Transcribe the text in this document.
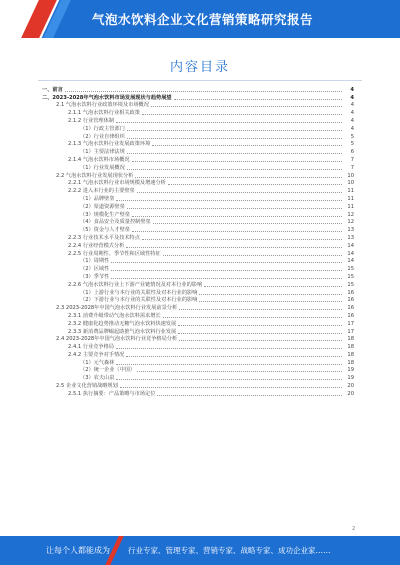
气泡水饮料企业文化营销策略研究报告
内容目录
一、前言	4
二、2023-2028年气泡水饮料市场发展现状与趋势展望	4
2.1 气泡水饮料行业政策环境及市场概况	4
2.1.1 气泡水饮料行业相关政策	4
2.1.2 行业管理体制	4
（1）行政主管部门	4
（2）行业自律组织	5
2.1.3 气泡水饮料行业发展政策环境	5
（1）主要法律法规	6
2.1.4 气泡水饮料市场概况	7
（1）行业发展概况	7
2.2 气泡水饮料行业发展现状分析	10
2.2.1 气泡水饮料行业市场规模及增速分析	10
2.2.2 进入本行业的主要壁垒	11
（1）品牌壁垒	11
（2）渠道资源壁垒	11
（3）规模化生产壁垒	12
（4）食品安全及质量控制壁垒	12
（5）资金与人才壁垒	13
2.2.3 行业技术水平及技术特点	13
2.2.4 行业经营模式分析	14
2.2.5 行业周期性、季节性和区域性特征	14
（1）周期性	14
（2）区域性	15
（3）季节性	15
2.2.6 气泡水饮料行业上下游产业链情况及对本行业的影响	15
（1）上游行业与本行业的关联性及对本行业的影响	16
（2）下游行业与本行业的关联性及对本行业的影响	16
2.3 2023-2028年中国气泡水饮料行业发展前景分析	16
2.3.1 消费升级带动气泡水饮料需求增长	16
2.3.2 健康化趋势推动无糖气泡水饮料快速发展	17
2.3.3 新消费品牌崛起助推气泡水饮料行业发展	17
2.4 2023-2028年中国气泡水饮料行业竞争格局分析	18
2.4.1 行业竞争格局	18
2.4.2 主要竞争对手情况	18
（1）元气森林	18
（2）统一企业（中国）	19
（3）农夫山泉	19
2.5 企业文化营销战略规划	20
2.5.1 执行摘要：产品策略与市场定位	20
2
让每个人都能成为 行业专家、管理专家、营销专家、战略专家、成功企业家……
